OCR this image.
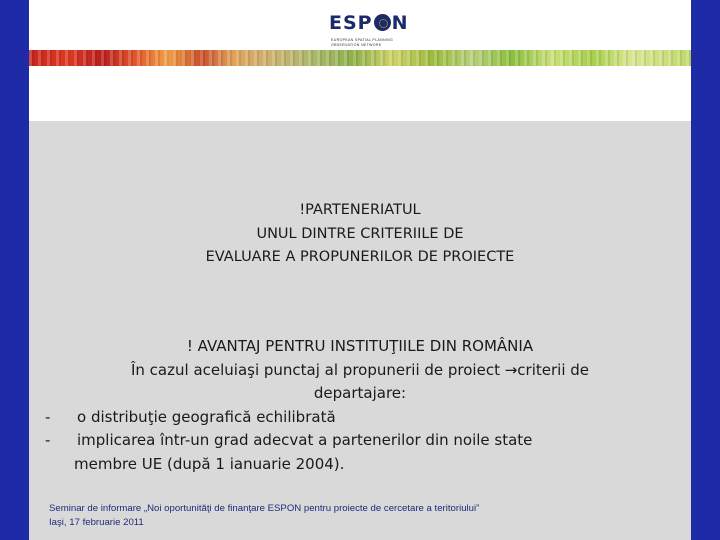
ESP N
EUROPEAN SPATIAL PLANNING
OBSERVATION NETWORK
!PARTENERIATUL
UNUL DINTRE CRITERIILE DE
EVALUARE A PROPUNERILOR DE PROIECTE
! AVANTAJ PENTRU INSTITUŢIILE DIN ROMÂNIA
În cazul aceluiaşi punctaj al propunerii de proiect →criterii de
departajare:
- o distribuţie geografică echilibrată
- implicarea într-un grad adecvat a partenerilor din noile state
membre UE (după 1 ianuarie 2004).
Seminar de informare „Noi oportunităţi de finanţare ESPON pentru proiecte de cercetare a teritoriului”
Iaşi, 17 februarie 2011
